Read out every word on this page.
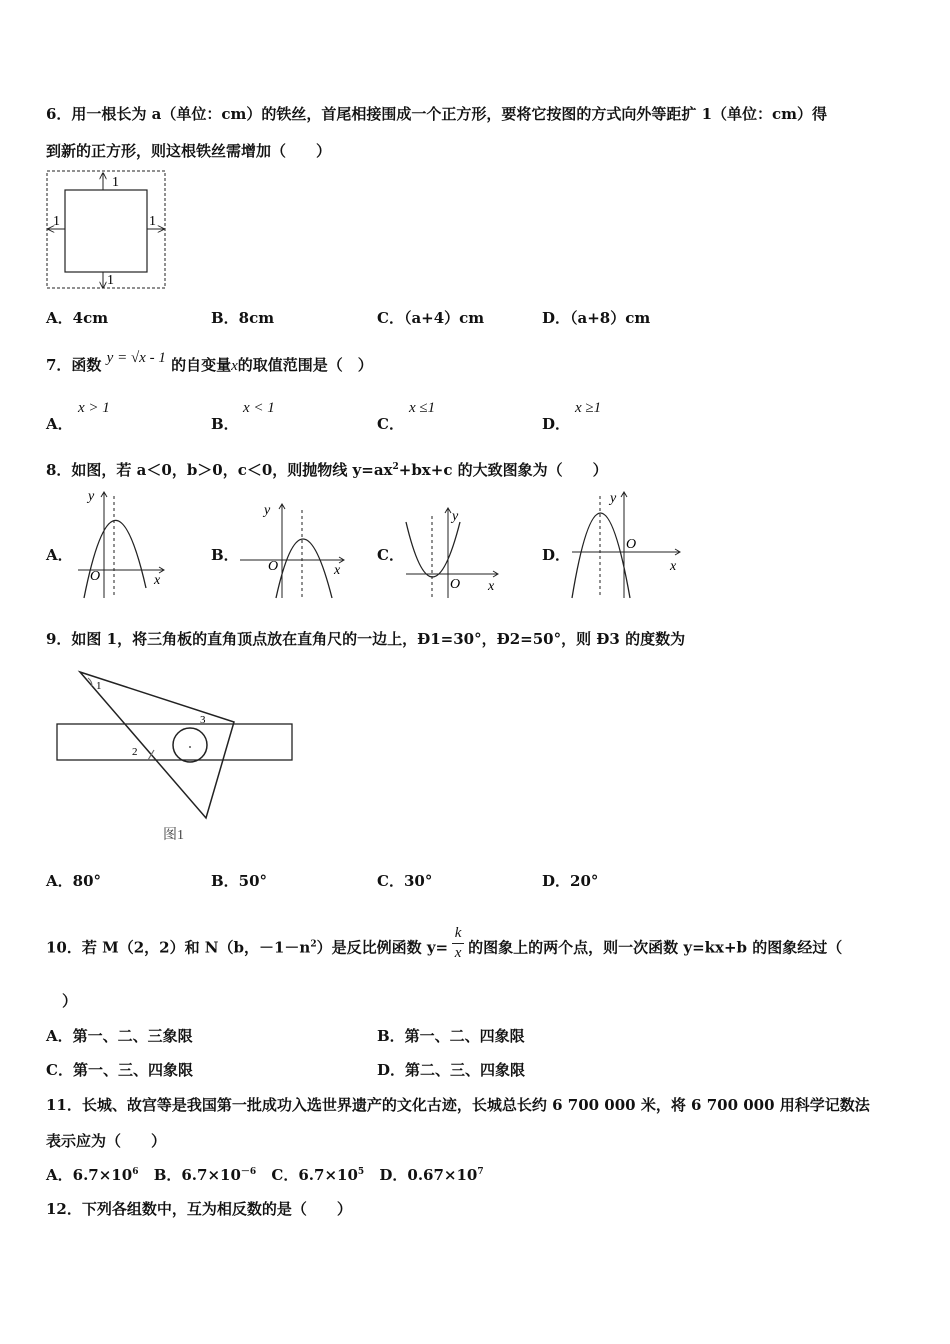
6．用一根长为 a（单位：cm）的铁丝，首尾相接围成一个正方形，要将它按图的方式向外等距扩 1（单位：cm）得
到新的正方形，则这根铁丝需增加（　　）
1
1
1	1
A．4cm	B．8cm	C．（a+4）cm	D．（a+8）cm
7．函数 y = √x - 1 的自变量x的取值范围是（　）
A．
x > 1
B．
x < 1
C．
x ≤1
D．
x ≥1
8．如图，若 a＜0，b＞0，c＜0，则抛物线 $y=ax^2+bx+c$ 的大致图象为（　　）
A．	B．	C．	D．
y
x
O
y
x
O
y
x
O
y
x
O
9．如图 1，将三角板的直角顶点放在直角尺的一边上，Ð1=30°，Ð2=50°，则 Ð3 的度数为
1
2
3
图1
A．80°	B．50°	C．30°	D．20°
10．若 M（2，2）和 N（b，$-1-n^2$）是反比例函数 $y= \frac{k}{x}$ 的图象上的两个点，则一次函数 y=kx+b 的图象经过（
）
A．第一、二、三象限	B．第一、二、四象限
C．第一、三、四象限	D．第二、三、四象限
11．长城、故宫等是我国第一批成功入选世界遗产的文化古迹，长城总长约 6 700 000 米，将 6 700 000 用科学记数法
表示应为（　　）
A．$6.7\times 10^6$ B．$6.7\times 10^{-6}$ C．$6.7\times 10^5$ D．$0.67\times 10^7$
12．下列各组数中，互为相反数的是（　　）
